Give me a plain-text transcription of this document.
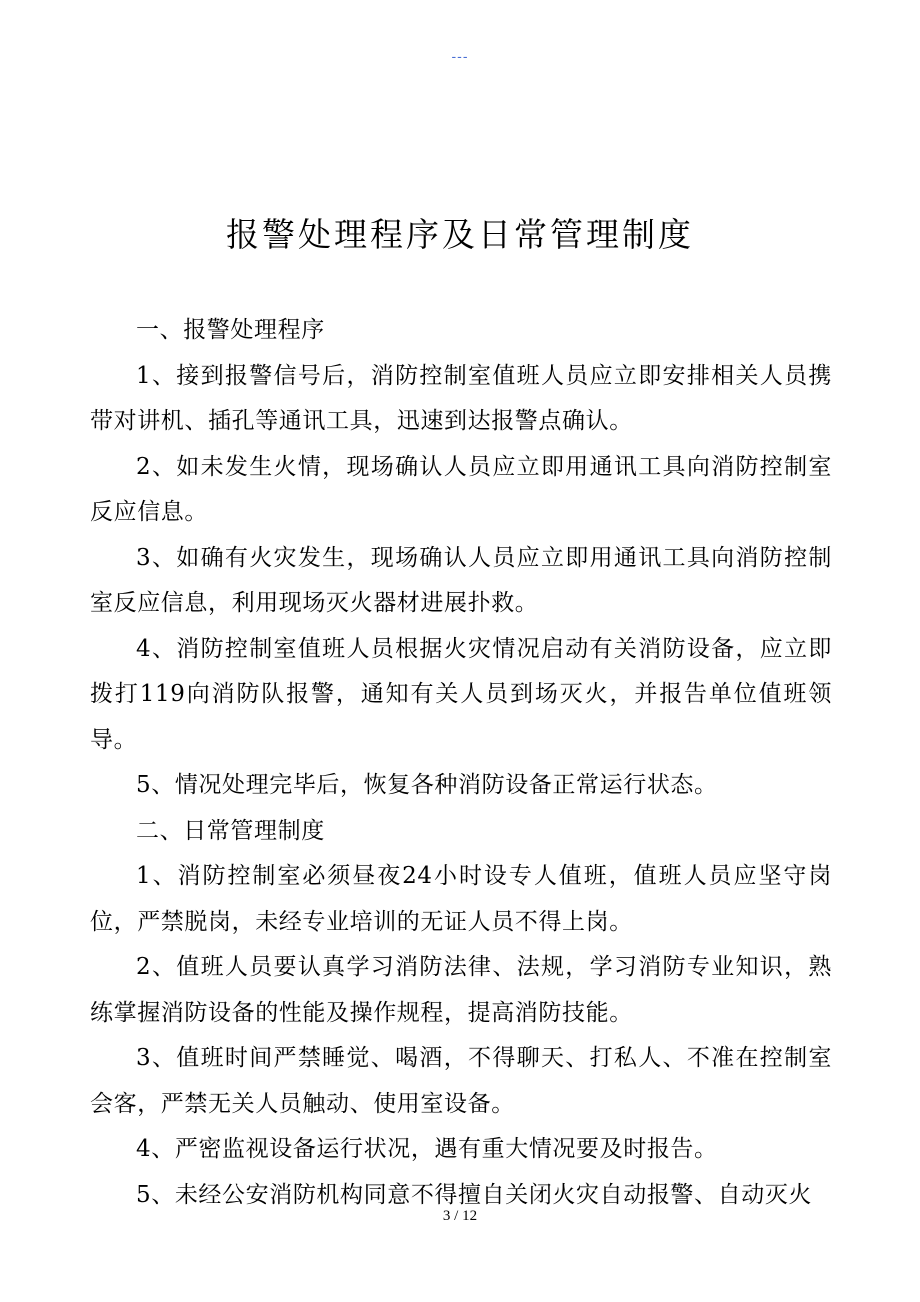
---
报警处理程序及日常管理制度

一、报警处理程序

1、接到报警信号后，消防控制室值班人员应立即安排相关人员携带对讲机、插孔等通讯工具，迅速到达报警点确认。

2、如未发生火情，现场确认人员应立即用通讯工具向消防控制室反应信息。

3、如确有火灾发生，现场确认人员应立即用通讯工具向消防控制室反应信息，利用现场灭火器材进展扑救。

4、消防控制室值班人员根据火灾情况启动有关消防设备，应立即拨打119向消防队报警，通知有关人员到场灭火，并报告单位值班领导。

5、情况处理完毕后，恢复各种消防设备正常运行状态。

二、日常管理制度

1、消防控制室必须昼夜24小时设专人值班，值班人员应坚守岗位，严禁脱岗，未经专业培训的无证人员不得上岗。

2、值班人员要认真学习消防法律、法规，学习消防专业知识，熟练掌握消防设备的性能及操作规程，提高消防技能。

3、值班时间严禁睡觉、喝酒，不得聊天、打私人、不准在控制室会客，严禁无关人员触动、使用室设备。

4、严密监视设备运行状况，遇有重大情况要及时报告。

5、未经公安消防机构同意不得擅自关闭火灾自动报警、自动灭火

3 / 12
